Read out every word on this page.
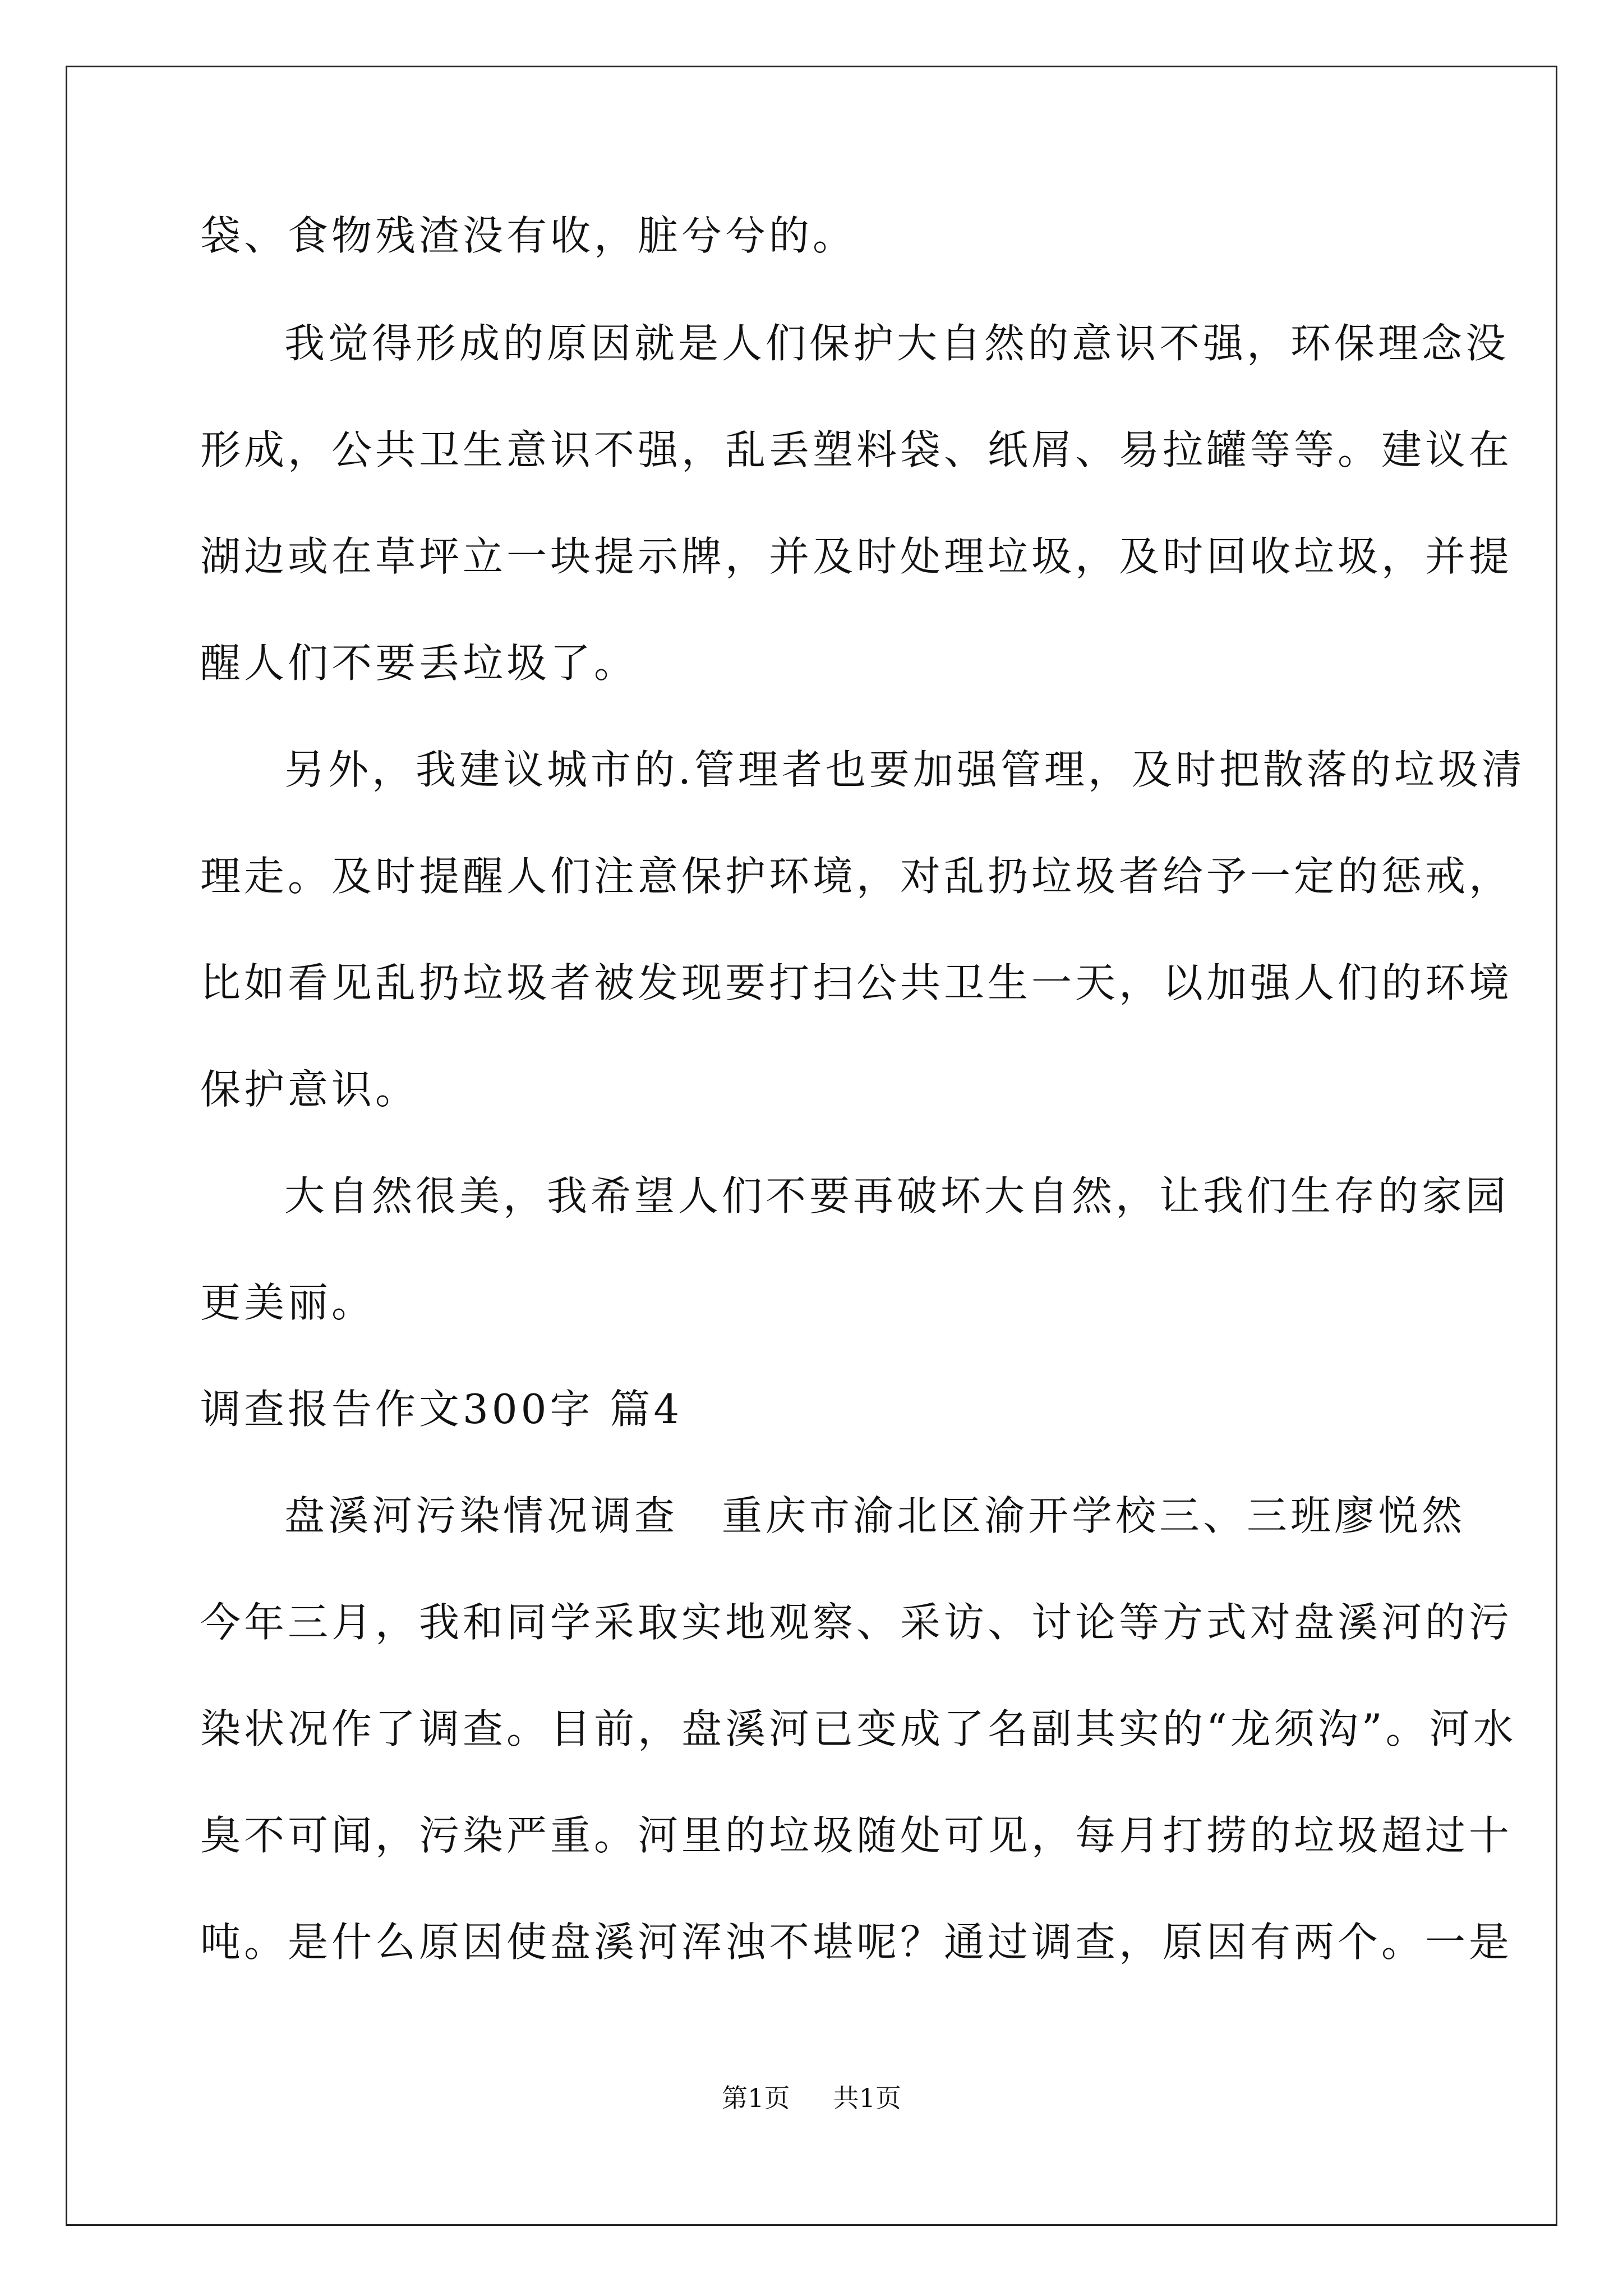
袋、食物残渣没有收，脏兮兮的。
我觉得形成的原因就是人们保护大自然的意识不强，环保理念没
形成，公共卫生意识不强，乱丢塑料袋、纸屑、易拉罐等等。建议在
湖边或在草坪立一块提示牌，并及时处理垃圾，及时回收垃圾，并提
醒人们不要丢垃圾了。
另外，我建议城市的.管理者也要加强管理，及时把散落的垃圾清
理走。及时提醒人们注意保护环境，对乱扔垃圾者给予一定的惩戒，
比如看见乱扔垃圾者被发现要打扫公共卫生一天，以加强人们的环境
保护意识。
大自然很美，我希望人们不要再破坏大自然，让我们生存的家园
更美丽。
调查报告作文300字 篇4
盘溪河污染情况调查　重庆市渝北区渝开学校三、三班廖悦然
今年三月，我和同学采取实地观察、采访、讨论等方式对盘溪河的污
染状况作了调查。目前，盘溪河已变成了名副其实的“龙须沟”。河水
臭不可闻，污染严重。河里的垃圾随处可见，每月打捞的垃圾超过十
吨。是什么原因使盘溪河浑浊不堪呢？通过调查，原因有两个。一是
第1页 共1页
